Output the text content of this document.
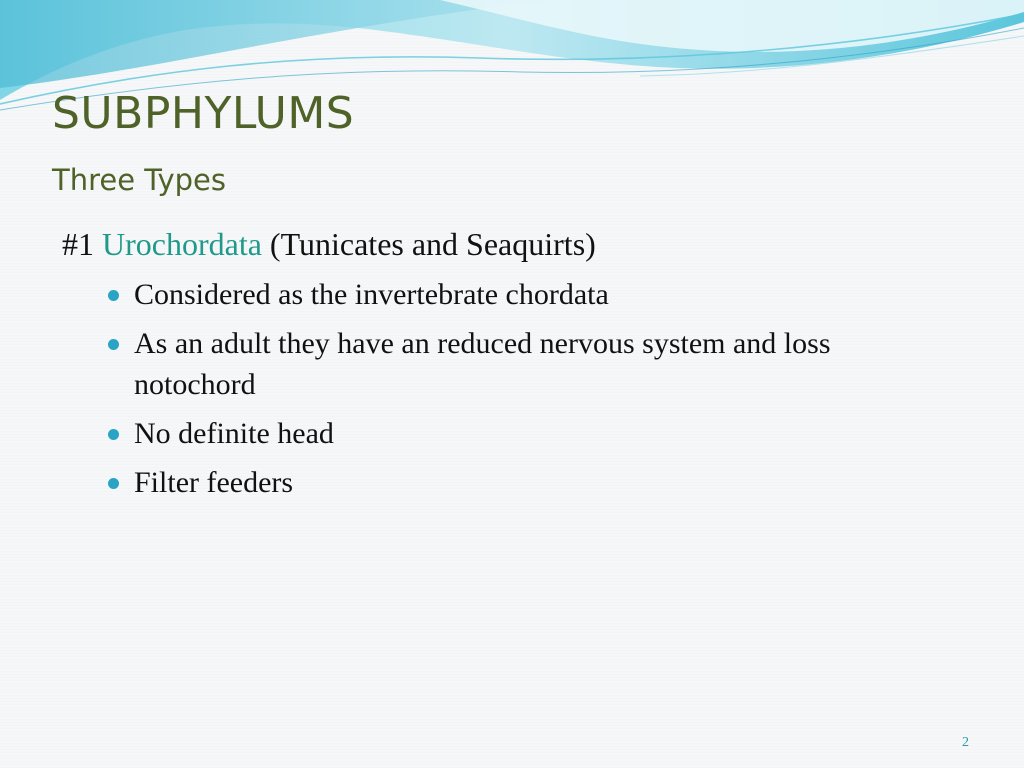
SUBPHYLUMS
Three Types

#1 Urochordata (Tunicates and Seaquirts)

Considered as the invertebrate chordata
As an adult they have an reduced nervous system and loss notochord
No definite head
Filter feeders
2
